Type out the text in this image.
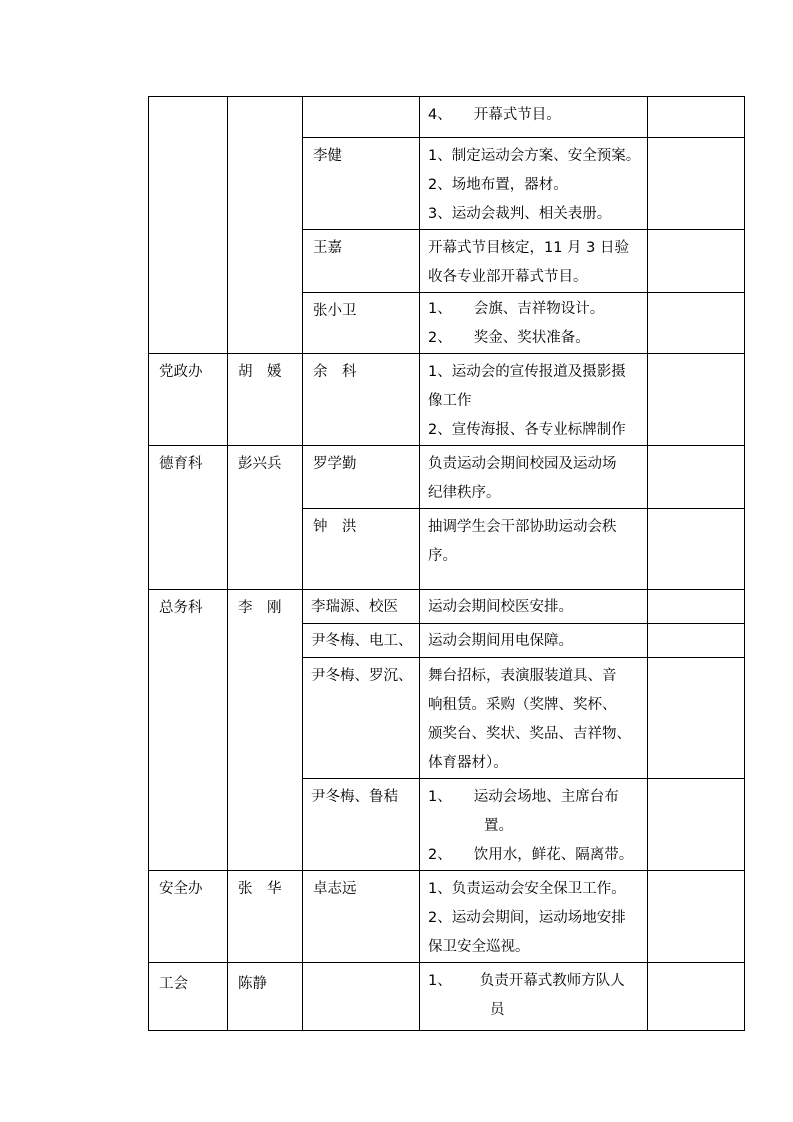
			4、 开幕式节目。	

		李健	1、制定运动会方案、安全预案。
2、场地布置，器材。
3、运动会裁判、相关表册。	

		王嘉	开幕式节目核定，11 月 3 日验
收各专业部开幕式节目。	

		张小卫	1、 会旗、吉祥物设计。
2、 奖金、奖状准备。	

党政办	胡　媛	余　科	1、运动会的宣传报道及摄影摄
像工作
2、宣传海报、各专业标牌制作	

德育科	彭兴兵	罗学勤	负责运动会期间校园及运动场
纪律秩序。	

		钟　洪	抽调学生会干部协助运动会秩
序。	

总务科	李　刚	李瑞源、校医	运动会期间校医安排。	

		尹冬梅、电工、	运动会期间用电保障。	

		尹冬梅、罗沉、	舞台招标，表演服装道具、音
响租赁。采购（奖牌、奖杯、
颁奖台、奖状、奖品、吉祥物、
体育器材）。	

		尹冬梅、鲁秸	1、 运动会场地、主席台布
置。
2、 饮用水，鲜花、隔离带。	

安全办	张　华	卓志远	1、负责运动会安全保卫工作。
2、运动会期间，运动场地安排
保卫安全巡视。	

工会	陈静		1、 负责开幕式教师方队人
员	
